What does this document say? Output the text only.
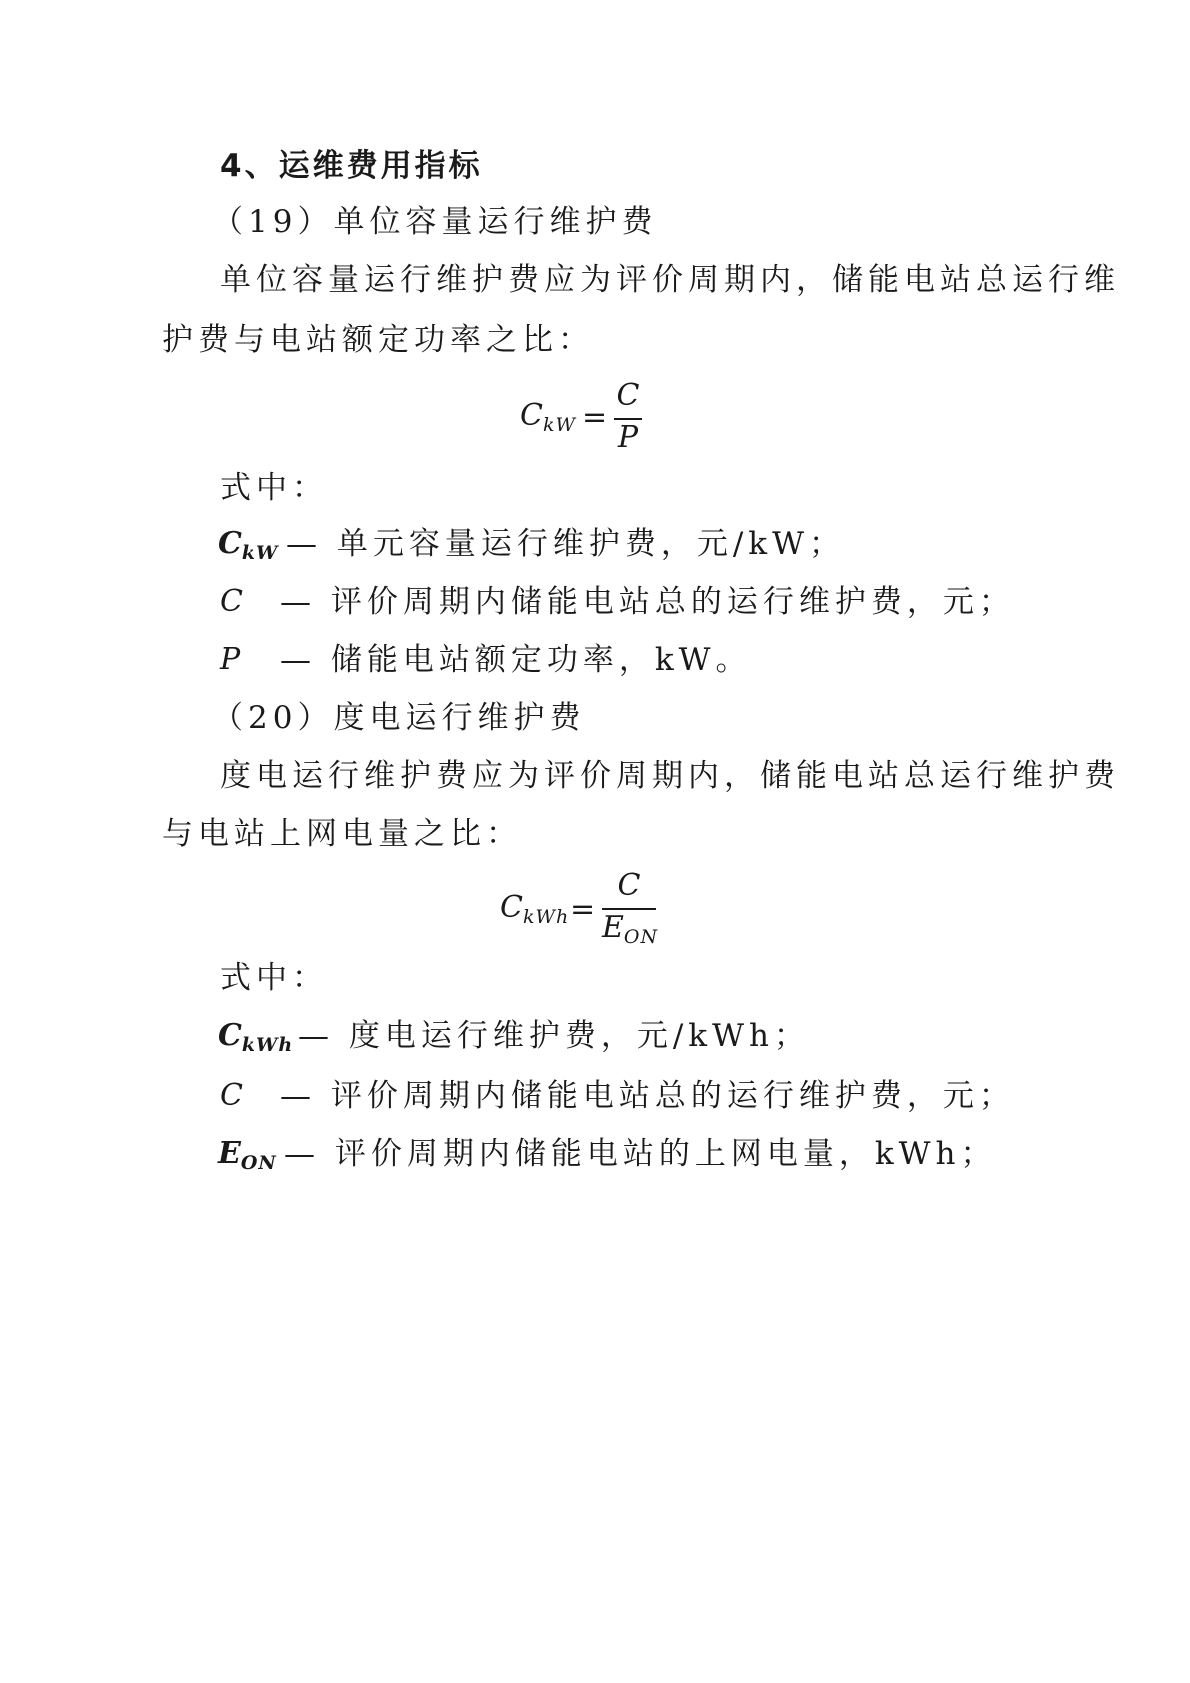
4、运维费用指标
（19）单位容量运行维护费
单位容量运行维护费应为评价周期内，储能电站总运行维
护费与电站额定功率之比：
$C_{kW}$ =
C
P
式中：
$C_{kW}$ — 单元容量运行维护费，元/kW；
C — 评价周期内储能电站总的运行维护费，元；
P — 储能电站额定功率，kW。
（20）度电运行维护费
度电运行维护费应为评价周期内，储能电站总运行维护费
与电站上网电量之比：
$C_{kWh}$ =
C
$E_{ON}$
式中：
$C_{kWh}$ — 度电运行维护费，元/kWh；
C — 评价周期内储能电站总的运行维护费，元；
$E_{ON}$ — 评价周期内储能电站的上网电量，kWh；
